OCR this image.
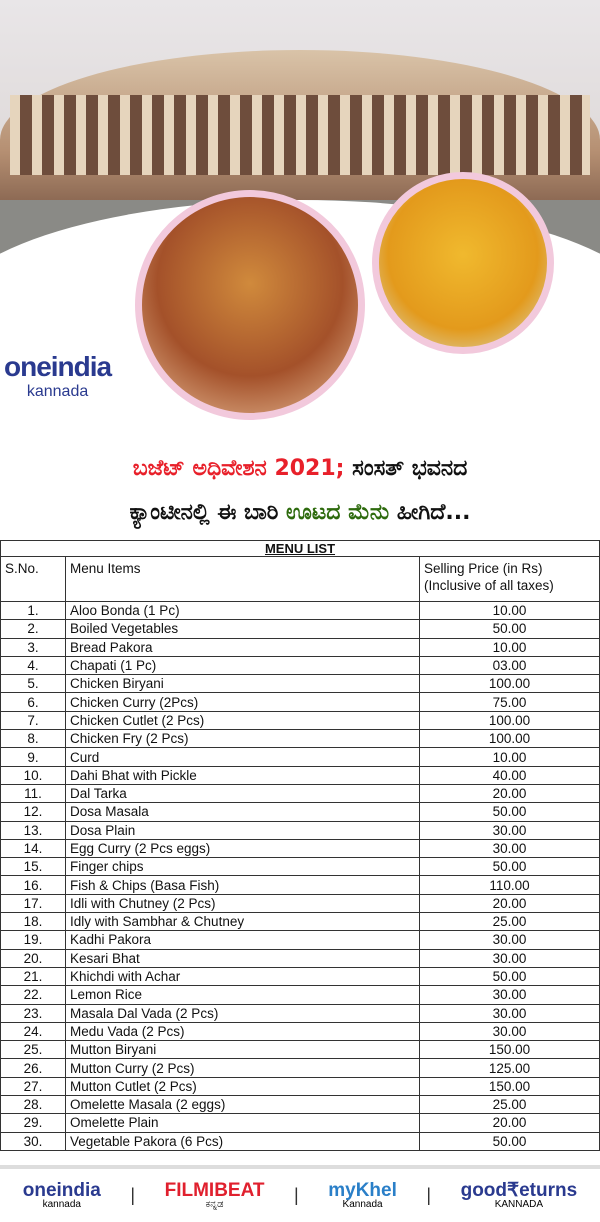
oneindia
kannada
ಬಜೆಟ್ ಅಧಿವೇಶನ 2021; ಸಂಸತ್ ಭವನದ
ಕ್ಯಾಂಟೀನಲ್ಲಿ ಈ ಬಾರಿ ಊಟದ ಮೆನು ಹೀಗಿದೆ...
MENU LIST		
S.No.	Menu Items	Selling Price (in Rs) (Inclusive of all taxes)
1.	Aloo Bonda (1 Pc)	10.00
2.	Boiled Vegetables	50.00
3.	Bread Pakora	10.00
4.	Chapati (1 Pc)	03.00
5.	Chicken Biryani	100.00
6.	Chicken Curry (2Pcs)	75.00
7.	Chicken Cutlet (2 Pcs)	100.00
8.	Chicken Fry (2 Pcs)	100.00
9.	Curd	10.00
10.	Dahi Bhat with Pickle	40.00
11.	Dal Tarka	20.00
12.	Dosa Masala	50.00
13.	Dosa Plain	30.00
14.	Egg Curry (2 Pcs eggs)	30.00
15.	Finger chips	50.00
16.	Fish & Chips (Basa Fish)	110.00
17.	Idli with Chutney (2 Pcs)	20.00
18.	Idly with Sambhar & Chutney	25.00
19.	Kadhi Pakora	30.00
20.	Kesari Bhat	30.00
21.	Khichdi with Achar	50.00
22.	Lemon Rice	30.00
23.	Masala Dal Vada (2 Pcs)	30.00
24.	Medu Vada (2 Pcs)	30.00
25.	Mutton Biryani	150.00
26.	Mutton Curry (2 Pcs)	125.00
27.	Mutton Cutlet (2 Pcs)	150.00
28.	Omelette Masala (2 eggs)	25.00
29.	Omelette Plain	20.00
30.	Vegetable Pakora (6 Pcs)	50.00
oneindia
kannada	| FILMIBEAT
ಕನ್ನಡ	| myKhel
Kannada	| good₹eturns
KANNADA
